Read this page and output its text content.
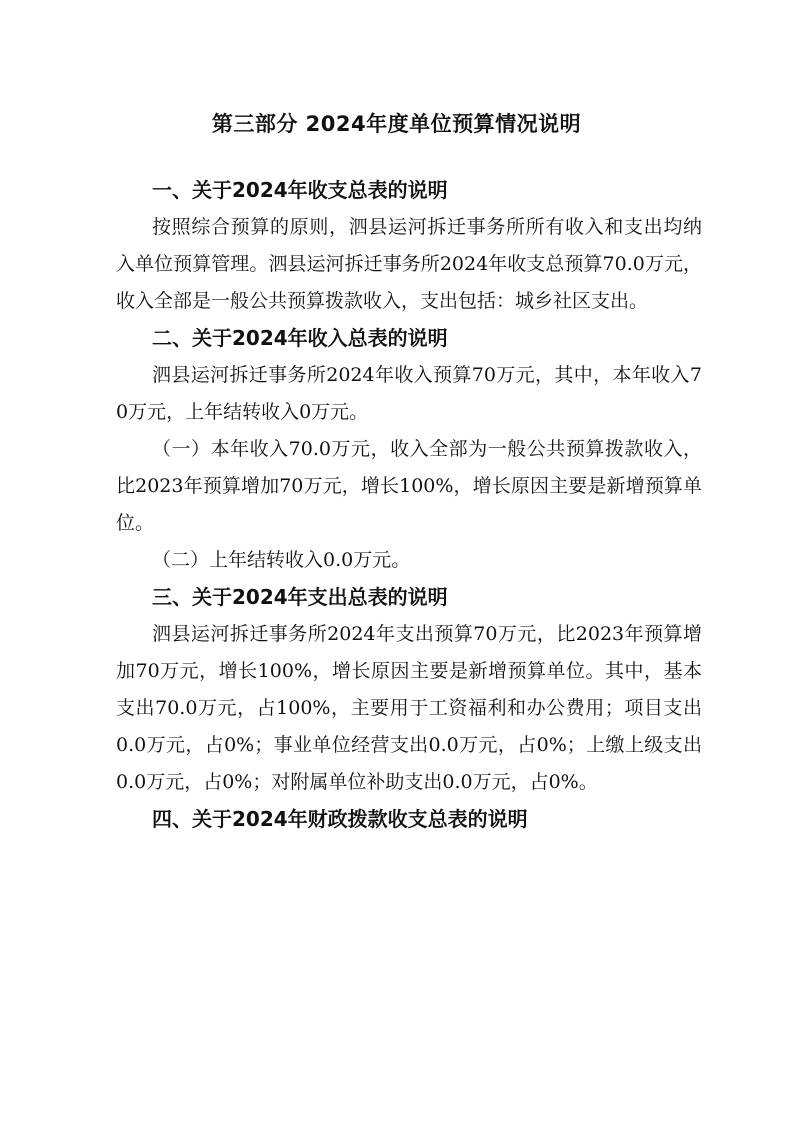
第三部分 2024年度单位预算情况说明

一、关于2024年收支总表的说明

按照综合预算的原则，泗县运河拆迁事务所所有收入和支出均纳入单位预算管理。泗县运河拆迁事务所2024年收支总预算70.0万元，收入全部是一般公共预算拨款收入，支出包括：城乡社区支出。

二、关于2024年收入总表的说明

泗县运河拆迁事务所2024年收入预算70万元，其中，本年收入70万元，上年结转收入0万元。

（一）本年收入70.0万元，收入全部为一般公共预算拨款收入，比2023年预算增加70万元，增长100%，增长原因主要是新增预算单位。

（二）上年结转收入0.0万元。

三、关于2024年支出总表的说明

泗县运河拆迁事务所2024年支出预算70万元，比2023年预算增加70万元，增长100%，增长原因主要是新增预算单位。其中，基本支出70.0万元，占100%，主要用于工资福利和办公费用；项目支出0.0万元，占0%；事业单位经营支出0.0万元，占0%；上缴上级支出0.0万元，占0%；对附属单位补助支出0.0万元，占0%。

四、关于2024年财政拨款收支总表的说明
